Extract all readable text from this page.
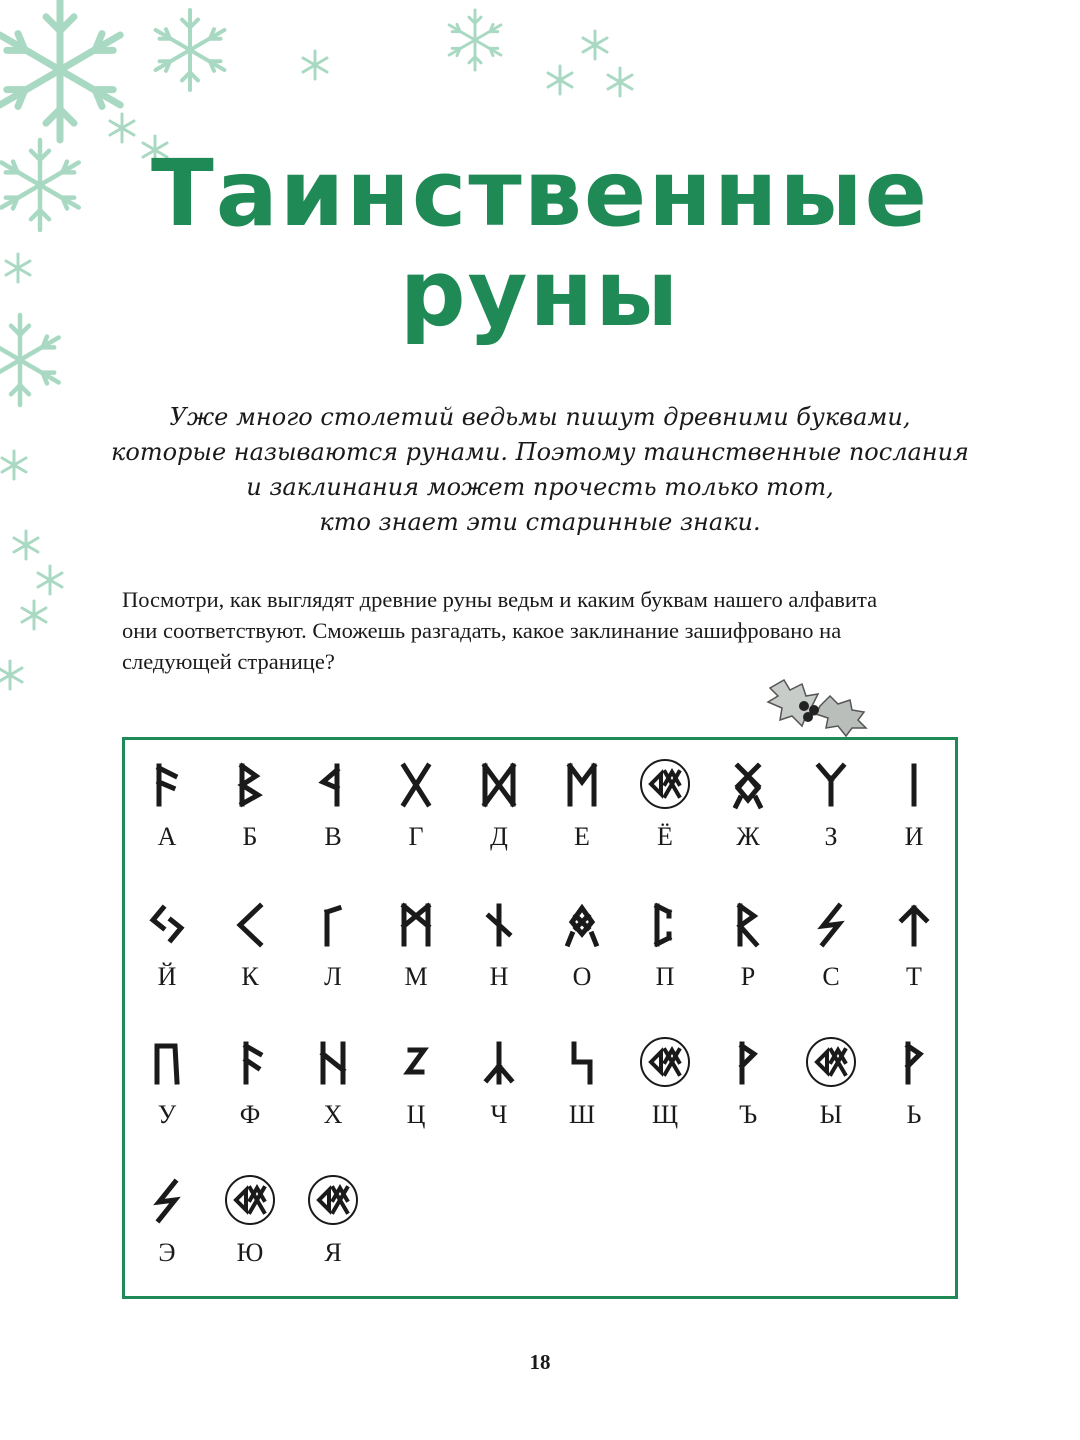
Таинственные
руны
Уже много столетий ведьмы пишут древними буквами,
которые называются рунами. Поэтому таинственные послания
и заклинания может прочесть только тот,
кто знает эти старинные знаки.
Посмотри, как выглядят древние руны ведьм и каким буквам нашего алфавита
они соответствуют. Сможешь разгадать, какое заклинание зашифровано на
следующей странице?
А	Б	В	Г	Д	Е	Ё	Ж	З	И
Й	К	Л	М	Н	О	П	Р	С	Т
У	Ф	Х	Ц	Ч	Ш	Щ	Ъ	Ы	Ь
Э	Ю	Я
18
